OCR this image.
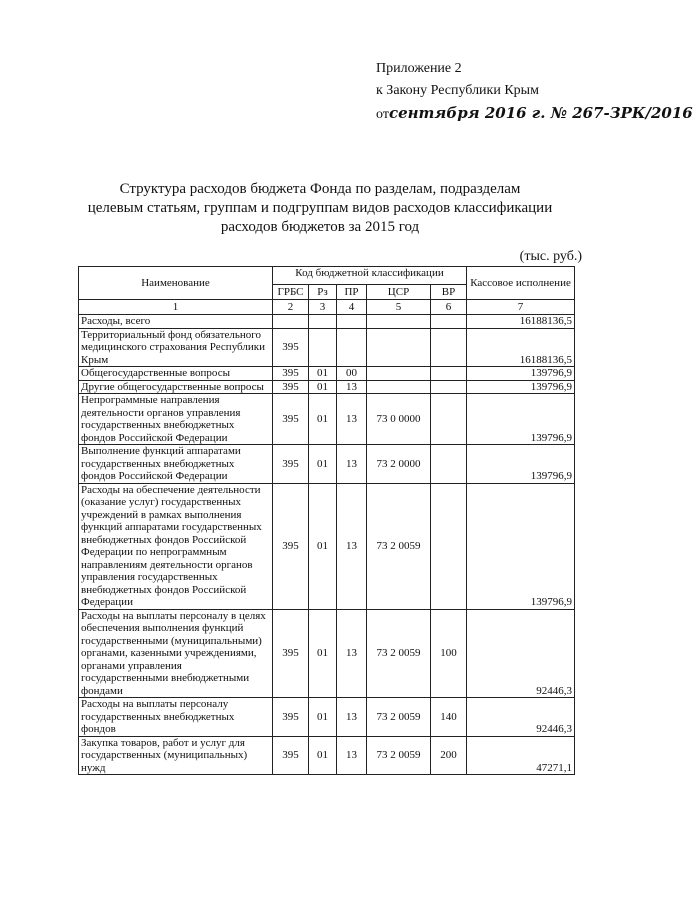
Приложение 2
к Закону Республики Крым
отсентября 2016 г. № 267-ЗРК/2016
Структура расходов бюджета Фонда по разделам, подразделам
целевым статьям, группам и подгруппам видов расходов классификации
расходов бюджетов за 2015 год
(тыс. руб.)
Наименование	Код бюджетной классификации					Кассовое исполнение
	ГРБС	Рз	ПР	ЦСР	ВР	
1	2	3	4	5	6	7
Расходы, всего						16188136,5
Территориальный фонд обязательного медицинского страхования Республики Крым	395					16188136,5
Общегосударственные вопросы	395	01	00			139796,9
Другие общегосударственные вопросы	395	01	13			139796,9
Непрограммные направления деятельности органов управления государственных внебюджетных фондов Российской Федерации	395	01	13	73 0 0000		139796,9
Выполнение функций аппаратами государственных внебюджетных фондов Российской Федерации	395	01	13	73 2 0000		139796,9
Расходы на обеспечение деятельности (оказание услуг) государственных учреждений в рамках выполнения функций аппаратами государственных внебюджетных фондов Российской Федерации по непрограммным направлениям деятельности органов управления государственных внебюджетных фондов Российской Федерации	395	01	13	73 2 0059		139796,9
Расходы на выплаты персоналу в целях обеспечения выполнения функций государственными (муниципальными) органами, казенными учреждениями, органами управления государственными внебюджетными фондами	395	01	13	73 2 0059	100	92446,3
Расходы на выплаты персоналу государственных внебюджетных фондов	395	01	13	73 2 0059	140	92446,3
Закупка товаров, работ и услуг для государственных (муниципальных) нужд	395	01	13	73 2 0059	200	47271,1
